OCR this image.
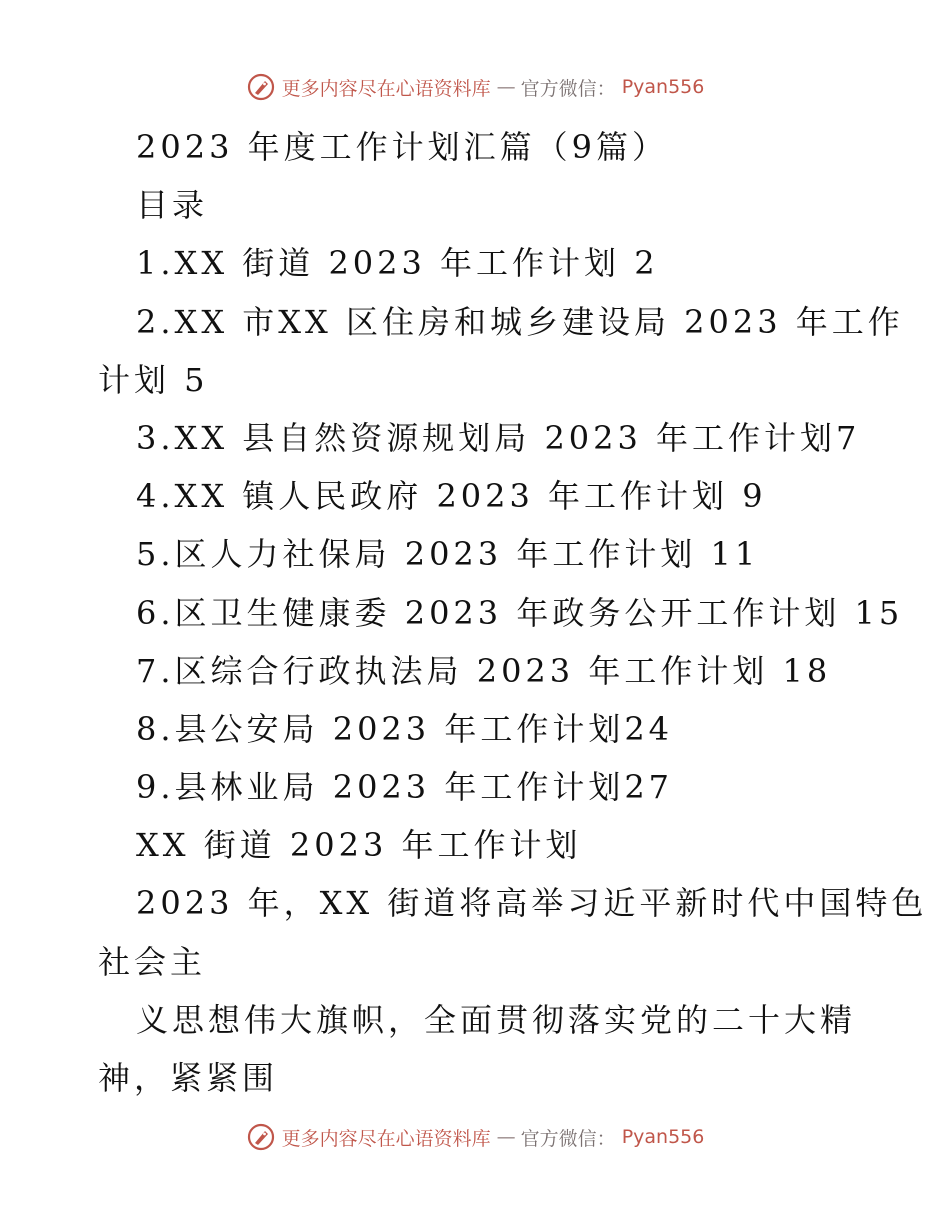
更多内容尽在心语资料库 — 官方微信： Pyan556
2023 年度工作计划汇篇（9篇）
目录
1.XX 街道 2023 年工作计划 2
2.XX 市XX 区住房和城乡建设局 2023 年工作
计划 5
3.XX 县自然资源规划局 2023 年工作计划7
4.XX 镇人民政府 2023 年工作计划 9
5.区人力社保局 2023 年工作计划 11
6.区卫生健康委 2023 年政务公开工作计划 15
7.区综合行政执法局 2023 年工作计划 18
8.县公安局 2023 年工作计划24
9.县林业局 2023 年工作计划27
XX 街道 2023 年工作计划
2023 年，XX 街道将高举习近平新时代中国特色
社会主
义思想伟大旗帜，全面贯彻落实党的二十大精
神，紧紧围
更多内容尽在心语资料库 — 官方微信： Pyan556
